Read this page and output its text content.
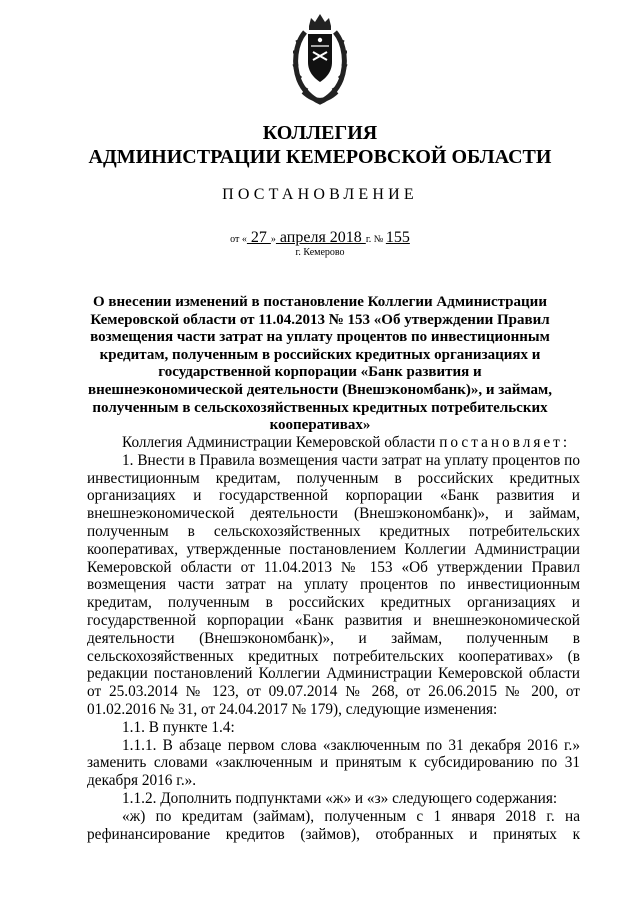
КОЛЛЕГИЯ
АДМИНИСТРАЦИИ КЕМЕРОВСКОЙ ОБЛАСТИ
ПОСТАНОВЛЕНИЕ
от « 27 » апреля 2018 г. № 155
г. Кемерово
О внесении изменений в постановление Коллегии Администрации Кемеровской области от 11.04.2013 № 153 «Об утверждении Правил возмещения части затрат на уплату процентов по инвестиционным кредитам, полученным в российских кредитных организациях и государственной корпорации «Банк развития и внешнеэкономической деятельности (Внешэкономбанк)», и займам, полученным в сельскохозяйственных кредитных потребительских кооперативах»

Коллегия Администрации Кемеровской области постановляет:

1. Внести в Правила возмещения части затрат на уплату процентов по инвестиционным кредитам, полученным в российских кредитных организациях и государственной корпорации «Банк развития и внешнеэкономической деятельности (Внешэкономбанк)», и займам, полученным в сельскохозяйственных кредитных потребительских кооперативах, утвержденные постановлением Коллегии Администрации Кемеровской области от 11.04.2013 № 153 «Об утверждении Правил возмещения части затрат на уплату процентов по инвестиционным кредитам, полученным в российских кредитных организациях и государственной корпорации «Банк развития и внешнеэкономической деятельности (Внешэкономбанк)», и займам, полученным в сельскохозяйственных кредитных потребительских кооперативах» (в редакции постановлений Коллегии Администрации Кемеровской области от 25.03.2014 № 123, от 09.07.2014 № 268, от 26.06.2015 № 200, от 01.02.2016 № 31, от 24.04.2017 № 179), следующие изменения:

1.1. В пункте 1.4:

1.1.1. В абзаце первом слова «заключенным по 31 декабря 2016 г.» заменить словами «заключенным и принятым к субсидированию по 31 декабря 2016 г.».

1.1.2. Дополнить подпунктами «ж» и «з» следующего содержания:

«ж) по кредитам (займам), полученным с 1 января 2018 г. на рефинансирование кредитов (займов), отобранных и принятых к
